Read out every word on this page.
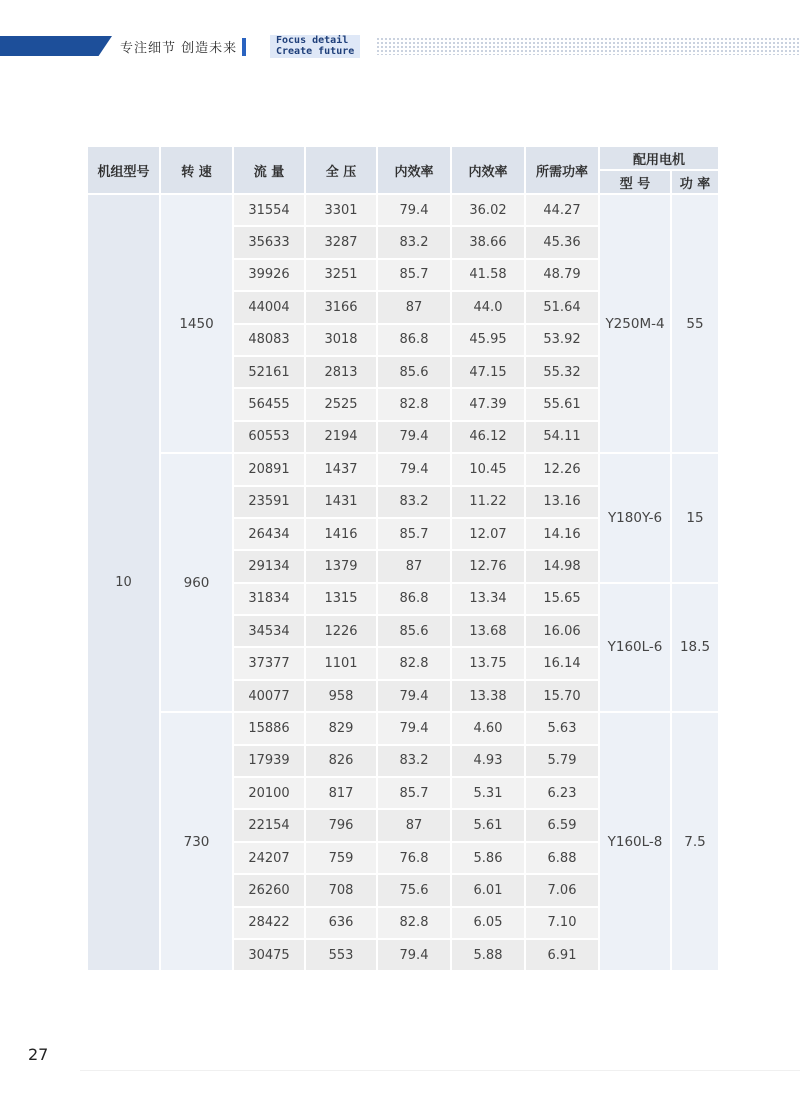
专注细节 创造未来
Focus detail
Create future
机组型号	转 速	流 量	全 压	内效率	内效率	所需功率	配用电机	
							型 号	功 率
10	1450	31554	3301	79.4	36.02	44.27	Y250M-4	55
		35633	3287	83.2	38.66	45.36		
		39926	3251	85.7	41.58	48.79		
		44004	3166	87	44.0	51.64		
		48083	3018	86.8	45.95	53.92		
		52161	2813	85.6	47.15	55.32		
		56455	2525	82.8	47.39	55.61		
		60553	2194	79.4	46.12	54.11		
	960	20891	1437	79.4	10.45	12.26	Y180Y-6	15
		23591	1431	83.2	11.22	13.16		
		26434	1416	85.7	12.07	14.16		
		29134	1379	87	12.76	14.98		
		31834	1315	86.8	13.34	15.65	Y160L-6	18.5
		34534	1226	85.6	13.68	16.06		
		37377	1101	82.8	13.75	16.14		
		40077	958	79.4	13.38	15.70		
	730	15886	829	79.4	4.60	5.63	Y160L-8	7.5
		17939	826	83.2	4.93	5.79		
		20100	817	85.7	5.31	6.23		
		22154	796	87	5.61	6.59		
		24207	759	76.8	5.86	6.88		
		26260	708	75.6	6.01	7.06		
		28422	636	82.8	6.05	7.10		
		30475	553	79.4	5.88	6.91		
27
